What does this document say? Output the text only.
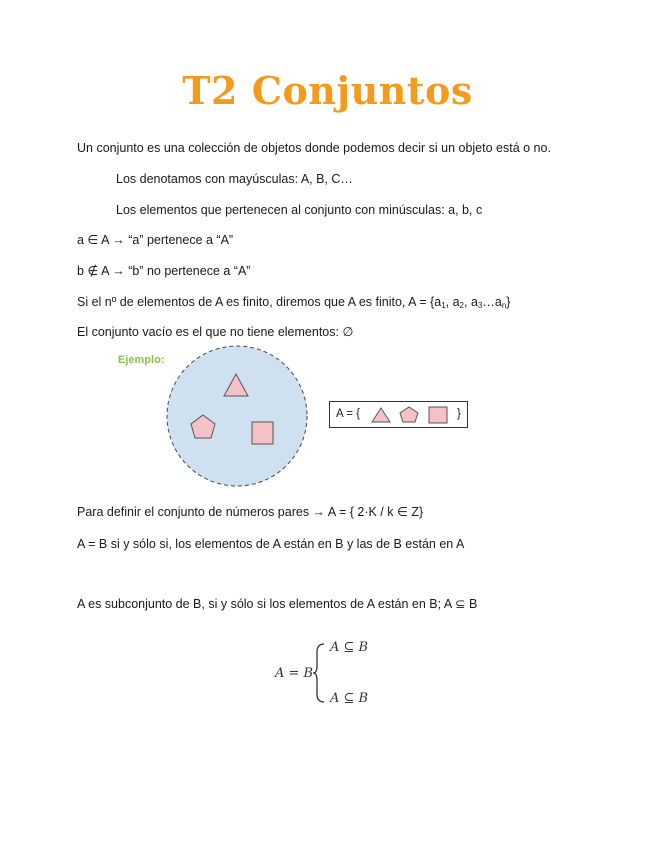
T2 Conjuntos
Un conjunto es una colección de objetos donde podemos decir si un objeto está o no.
Los denotamos con mayúsculas: A, B, C…
Los elementos que pertenecen al conjunto con minúsculas: a, b, c
a ∈ A → “a” pertenece a “A”
b ∉ A → “b” no pertenece a “A”
Si el nº de elementos de A es finito, diremos que A es finito, $A = \{a_1$, $a_2$, $a_3\dots a_n$}
El conjunto vacío es el que no tiene elementos: ∅
Ejemplo:
A = {	}
Para definir el conjunto de números pares → A = { 2·K / k ∈ Z}
A = B si y sólo si, los elementos de A están en B y las de B están en A
A es subconjunto de B, si y sólo si los elementos de A están en B; A ⊆ B
A = B
A ⊆ B
A ⊆ B
